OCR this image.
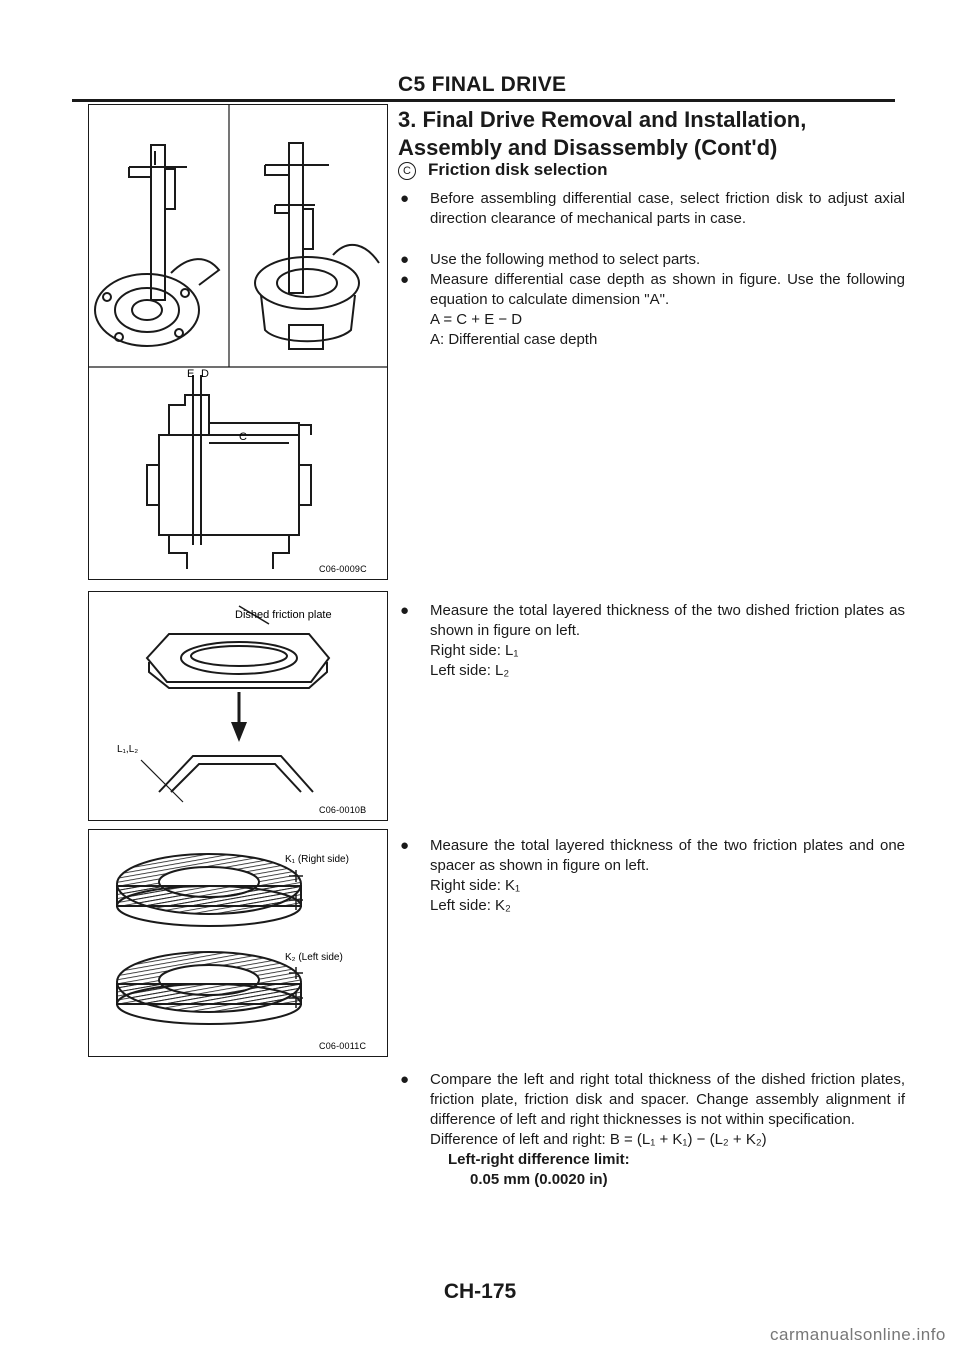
C5 FINAL DRIVE
3. Final Drive Removal and Installation,
Assembly and Disassembly (Cont'd)
C Friction disk selection
● Before assembling differential case, select friction disk to adjust axial direction clearance of mechanical parts in case.
● Use the following method to select parts.
● Measure differential case depth as shown in figure. Use the following equation to calculate dimension "A".
A = C + E − D
A: Differential case depth
E D
C
C06-0009C
● Measure the total layered thickness of the two dished friction plates as shown in figure on left.
Right side: L₁
Left side: L₂
Dished friction plate
L₁,L₂
C06-0010B
● Measure the total layered thickness of the two friction plates and one spacer as shown in figure on left.
Right side: K₁
Left side: K₂
K₁ (Right side)
K₂ (Left side)
C06-0011C
● Compare the left and right total thickness of the dished friction plates, friction plate, friction disk and spacer. Change assembly alignment if difference of left and right thicknesses is not within specification.
Difference of left and right: B = (L₁ + K₁) − (L₂ + K₂)
Left-right difference limit:
0.05 mm (0.0020 in)
CH-175
carmanualsonline.info
